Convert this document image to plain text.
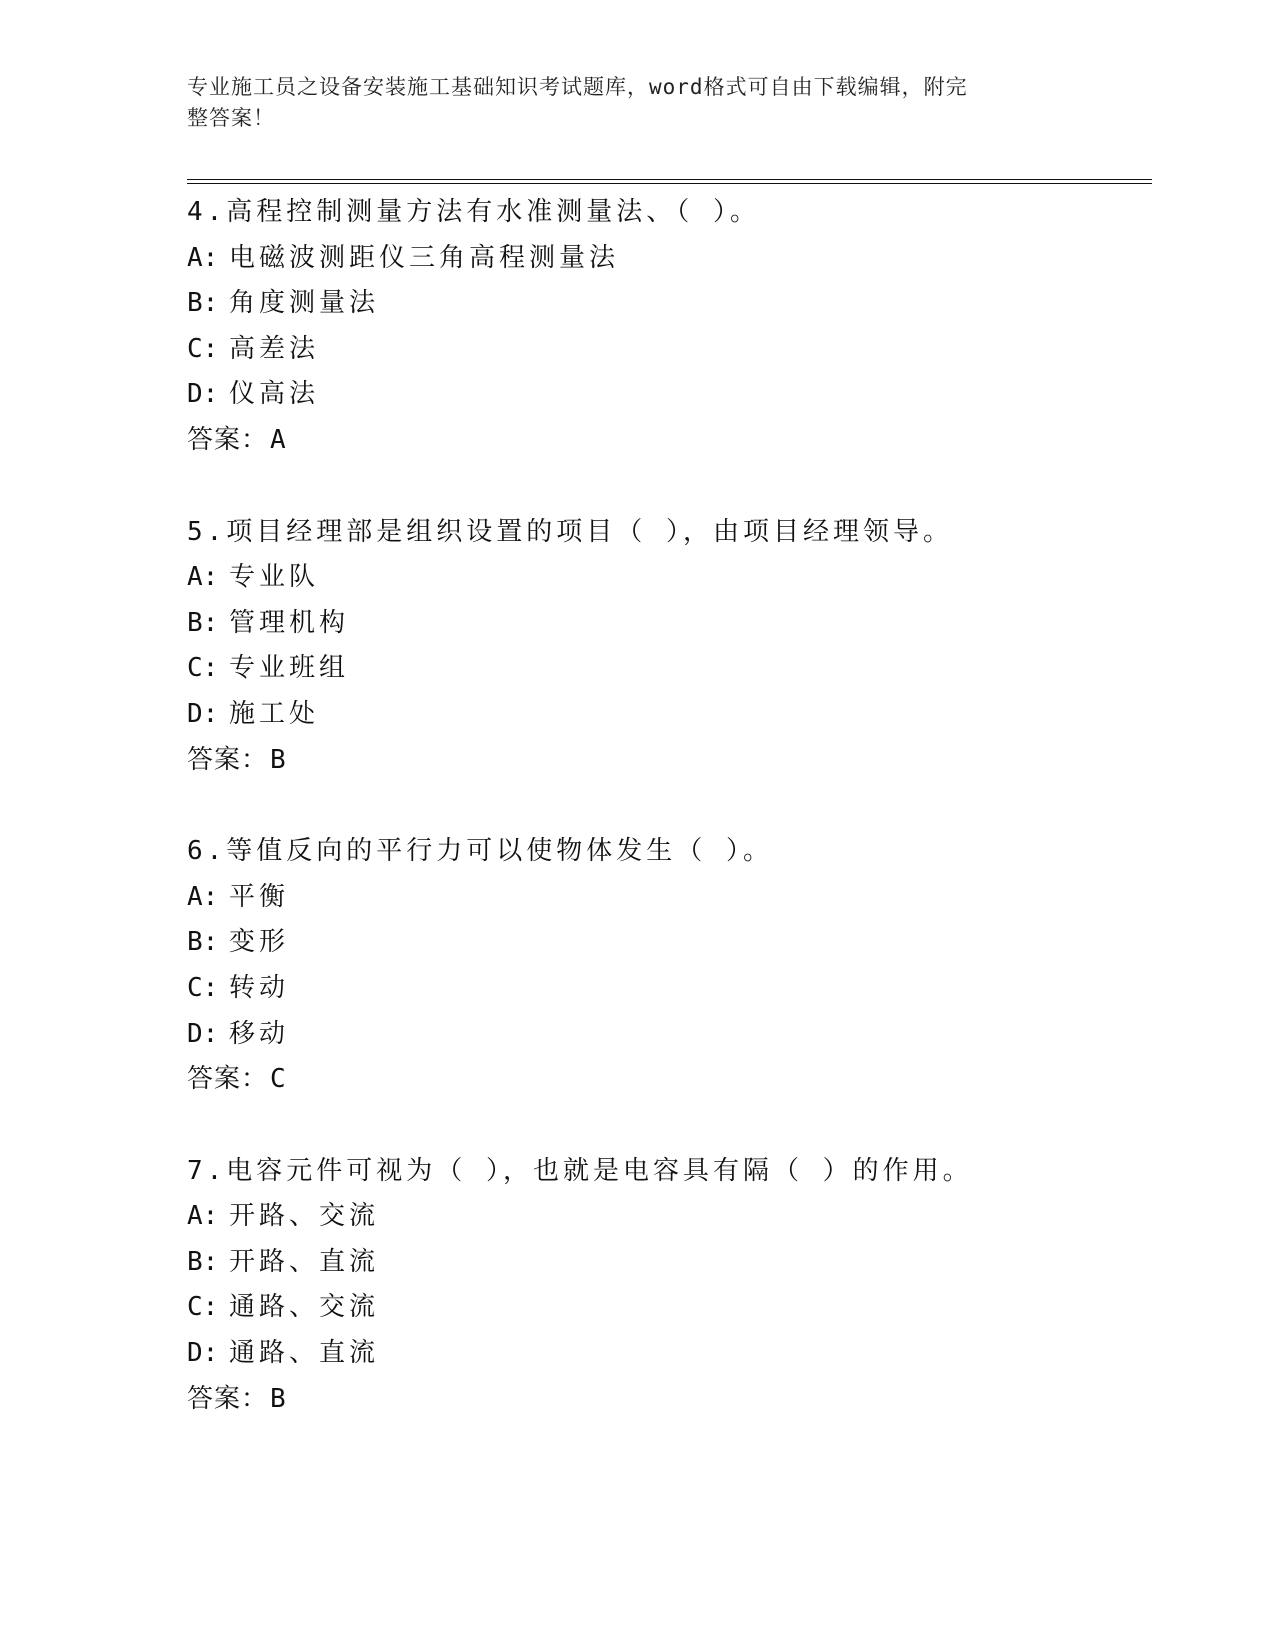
专业施工员之设备安装施工基础知识考试题库，word格式可自由下载编辑，附完
整答案！
4.高程控制测量方法有水准测量法、（ ）。
A: 电磁波测距仪三角高程测量法
B: 角度测量法
C: 高差法
D: 仪高法
答案：A
5.项目经理部是组织设置的项目（ ），由项目经理领导。
A: 专业队
B: 管理机构
C: 专业班组
D: 施工处
答案：B
6.等值反向的平行力可以使物体发生（ ）。
A: 平衡
B: 变形
C: 转动
D: 移动
答案：C
7.电容元件可视为（ ），也就是电容具有隔（ ）的作用。
A: 开路、交流
B: 开路、直流
C: 通路、交流
D: 通路、直流
答案：B
